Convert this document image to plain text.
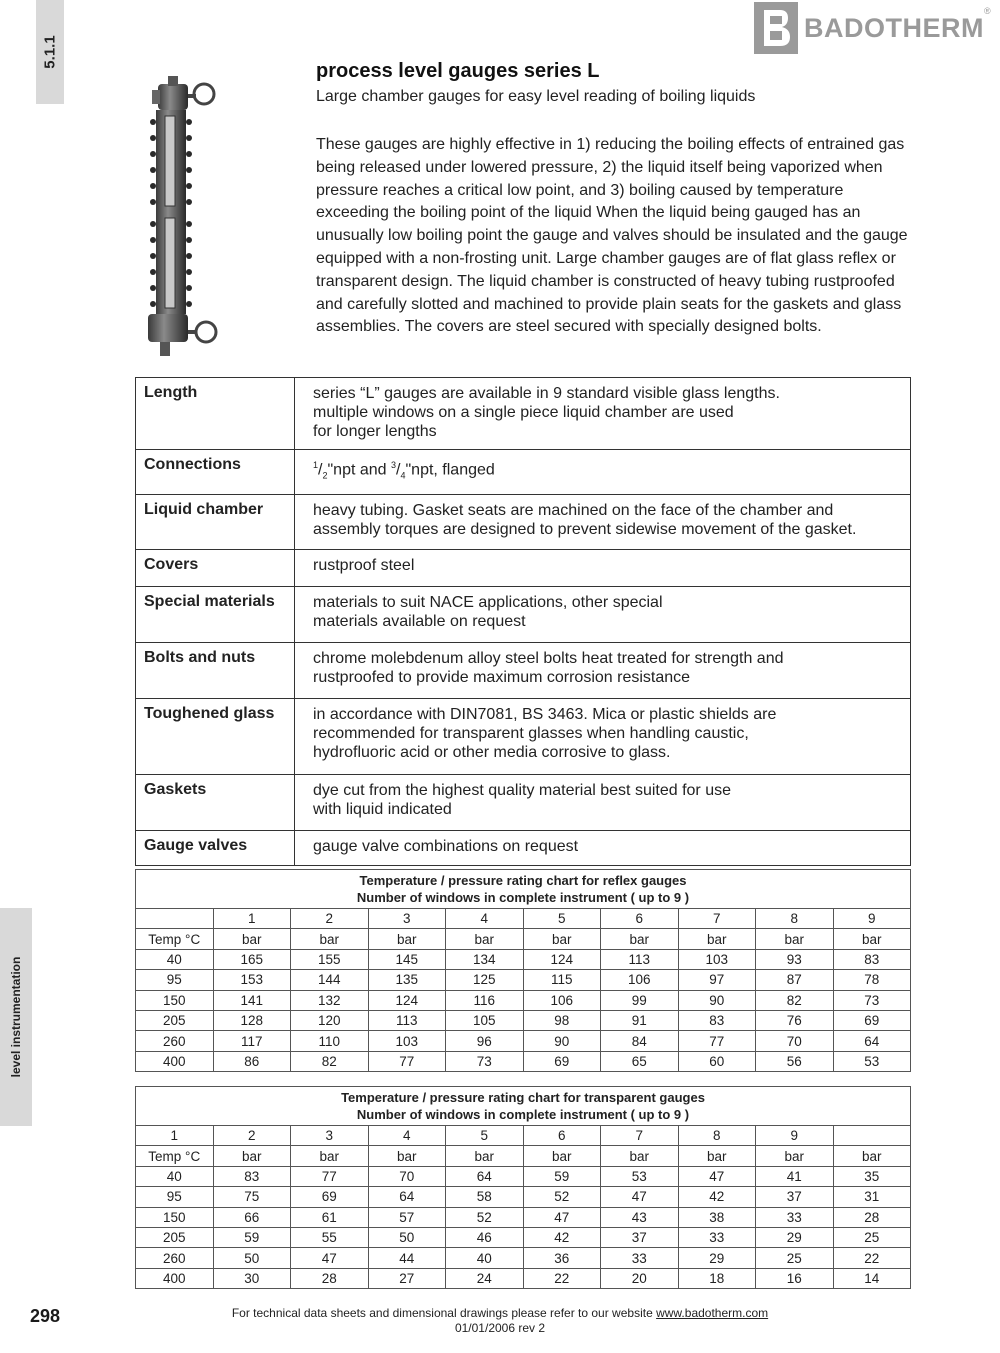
5.1.1
level instrumentation
BADOTHERM
®
process level gauges series L
Large chamber gauges for easy level reading of boiling liquids

These gauges are highly effective in 1) reducing the boiling effects of entrained gas being released under lowered pressure, 2) the liquid itself being vaporized when pressure reaches a critical low point, and 3) boiling caused by temperature exceeding the boiling point of the liquid When the liquid being gauged has an unusually low boiling point the gauge and valves should be insulated and the gauge equipped with a non-frosting unit. Large chamber gauges are of flat glass reflex or transparent design. The liquid chamber is constructed of heavy tubing rustproofed and carefully slotted and machined to provide plain seats for the gaskets and glass assemblies. The covers are steel secured with specially designed bolts.

Length	series “L” gauges are available in 9 standard visible glass lengths.
multiple windows on a single piece liquid chamber are used
for longer lengths
Connections	$^1/_2"npt$ and $^3/_4"npt$, flanged
Liquid chamber	heavy tubing. Gasket seats are machined on the face of the chamber and
assembly torques are designed to prevent sidewise movement of the gasket.
Covers	rustproof steel
Special materials	materials to suit NACE applications, other special
materials available on request
Bolts and nuts	chrome molebdenum alloy steel bolts heat treated for strength and
rustproofed to provide maximum corrosion resistance
Toughened glass	in accordance with DIN7081, BS 3463. Mica or plastic shields are
recommended for transparent glasses when handling caustic,
hydrofluoric acid or other media corrosive to glass.
Gaskets	dye cut from the highest quality material best suited for use
with liquid indicated
Gauge valves	gauge valve combinations on request
Temperature / pressure rating chart for reflex gauges
Number of windows in complete instrument ( up to 9 )									
	1	2	3	4	5	6	7	8	9
Temp °C	bar	bar	bar	bar	bar	bar	bar	bar	bar
40	165	155	145	134	124	113	103	93	83
95	153	144	135	125	115	106	97	87	78
150	141	132	124	116	106	99	90	82	73
205	128	120	113	105	98	91	83	76	69
260	117	110	103	96	90	84	77	70	64
400	86	82	77	73	69	65	60	56	53
Temperature / pressure rating chart for transparent gauges
Number of windows in complete instrument ( up to 9 )									
1	2	3	4	5	6	7	8	9	
Temp °C	bar	bar	bar	bar	bar	bar	bar	bar	bar
40	83	77	70	64	59	53	47	41	35
95	75	69	64	58	52	47	42	37	31
150	66	61	57	52	47	43	38	33	28
205	59	55	50	46	42	37	33	29	25
260	50	47	44	40	36	33	29	25	22
400	30	28	27	24	22	20	18	16	14
298	For technical data sheets and dimensional drawings please refer to our website www.badotherm.com
01/01/2006 rev 2
